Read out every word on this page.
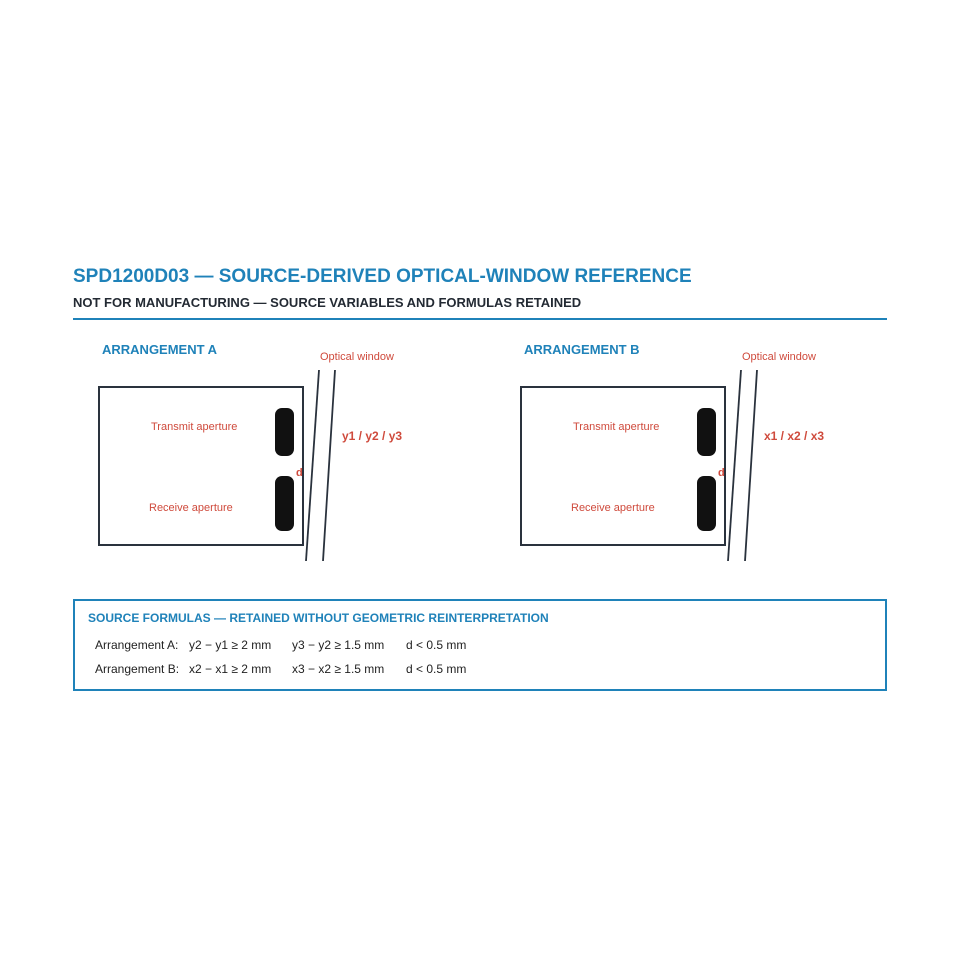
SPD1200D03 — SOURCE-DERIVED OPTICAL-WINDOW REFERENCE
NOT FOR MANUFACTURING — SOURCE VARIABLES AND FORMULAS RETAINED
ARRANGEMENT A	Optical window
Transmit aperture
Receive aperture
d
y1 / y2 / y3
ARRANGEMENT B	Optical window
Transmit aperture
Receive aperture
d
x1 / x2 / x3
SOURCE FORMULAS — RETAINED WITHOUT GEOMETRIC REINTERPRETATION
Arrangement A: y2 − y1 ≥ 2 mm	y3 − y2 ≥ 1.5 mm	d < 0.5 mm
Arrangement B: x2 − x1 ≥ 2 mm	x3 − x2 ≥ 1.5 mm	d < 0.5 mm
